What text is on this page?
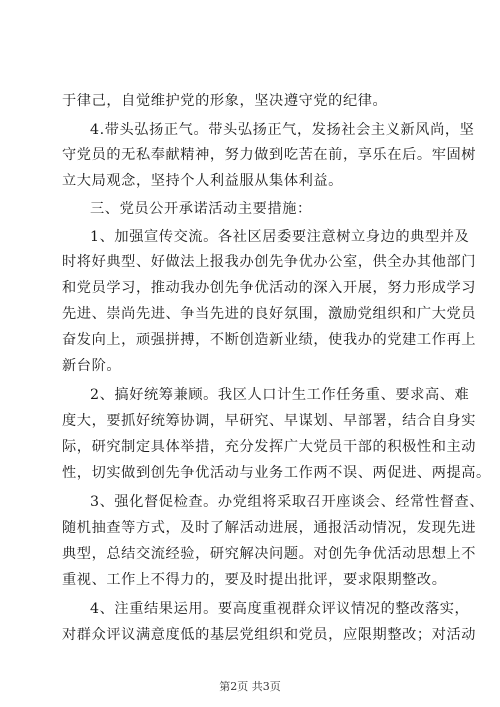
于律己，自觉维护党的形象，坚决遵守党的纪律。
4.带头弘扬正气。带头弘扬正气，发扬社会主义新风尚，坚
守党员的无私奉献精神，努力做到吃苦在前，享乐在后。牢固树
立大局观念，坚持个人利益服从集体利益。
三、党员公开承诺活动主要措施：
1、加强宣传交流。各社区居委要注意树立身边的典型并及
时将好典型、好做法上报我办创先争优办公室，供全办其他部门
和党员学习，推动我办创先争优活动的深入开展，努力形成学习
先进、崇尚先进、争当先进的良好氛围，激励党组织和广大党员
奋发向上，顽强拼搏，不断创造新业绩，使我办的党建工作再上
新台阶。
2、搞好统筹兼顾。我区人口计生工作任务重、要求高、难
度大，要抓好统筹协调，早研究、早谋划、早部署，结合自身实
际，研究制定具体举措，充分发挥广大党员干部的积极性和主动
性，切实做到创先争优活动与业务工作两不误、两促进、两提高。
3、强化督促检查。办党组将采取召开座谈会、经常性督查、
随机抽查等方式，及时了解活动进展，通报活动情况，发现先进
典型，总结交流经验，研究解决问题。对创先争优活动思想上不
重视、工作上不得力的，要及时提出批评，要求限期整改。
4、注重结果运用。要高度重视群众评议情况的整改落实，
对群众评议满意度低的基层党组织和党员，应限期整改；对活动
第2页 共3页
